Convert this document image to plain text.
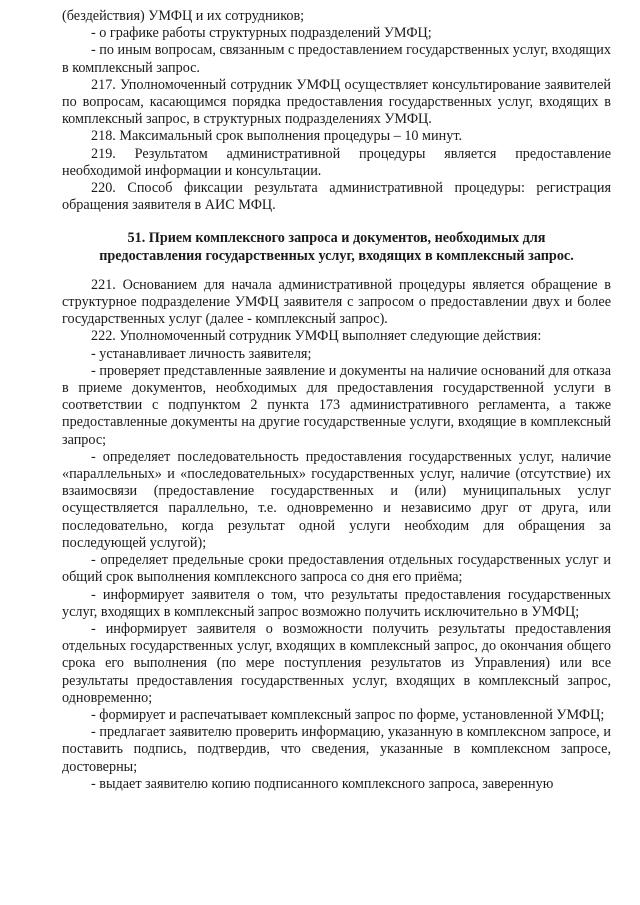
(бездействия) УМФЦ и их сотрудников;

- о графике работы структурных подразделений УМФЦ;

- по иным вопросам, связанным с предоставлением государственных услуг, входящих в комплексный запрос.

217. Уполномоченный сотрудник УМФЦ осуществляет консультирование заявителей по вопросам, касающимся порядка предоставления государственных услуг, входящих в комплексный запрос, в структурных подразделениях УМФЦ.

218. Максимальный срок выполнения процедуры – 10 минут.

219. Результатом административной процедуры является предоставление необходимой информации и консультации.

220. Способ фиксации результата административной процедуры: регистрация обращения заявителя в АИС МФЦ.

51. Прием комплексного запроса и документов, необходимых для предоставления государственных услуг, входящих в комплексный запрос.

221. Основанием для начала административной процедуры является обращение в структурное подразделение УМФЦ заявителя с запросом о предоставлении двух и более государственных услуг (далее - комплексный запрос).

222. Уполномоченный сотрудник УМФЦ выполняет следующие действия:

- устанавливает личность заявителя;

- проверяет представленные заявление и документы на наличие оснований для отказа в приеме документов, необходимых для предоставления государственной услуги в соответствии с подпунктом 2 пункта 173 административного регламента, а также предоставленные документы на другие государственные услуги, входящие в комплексный запрос;

- определяет последовательность предоставления государственных услуг, наличие «параллельных» и «последовательных» государственных услуг, наличие (отсутствие) их взаимосвязи (предоставление государственных и (или) муниципальных услуг осуществляется параллельно, т.е. одновременно и независимо друг от друга, или последовательно, когда результат одной услуги необходим для обращения за последующей услугой);

- определяет предельные сроки предоставления отдельных государственных услуг и общий срок выполнения комплексного запроса со дня его приёма;

- информирует заявителя о том, что результаты предоставления государственных услуг, входящих в комплексный запрос возможно получить исключительно в УМФЦ;

- информирует заявителя о возможности получить результаты предоставления отдельных государственных услуг, входящих в комплексный запрос, до окончания общего срока его выполнения (по мере поступления результатов из Управления) или все результаты предоставления государственных услуг, входящих в комплексный запрос, одновременно;

- формирует и распечатывает комплексный запрос по форме, установленной УМФЦ;

- предлагает заявителю проверить информацию, указанную в комплексном запросе, и поставить подпись, подтвердив, что сведения, указанные в комплексном запросе, достоверны;

- выдает заявителю копию подписанного комплексного запроса, заверенную
